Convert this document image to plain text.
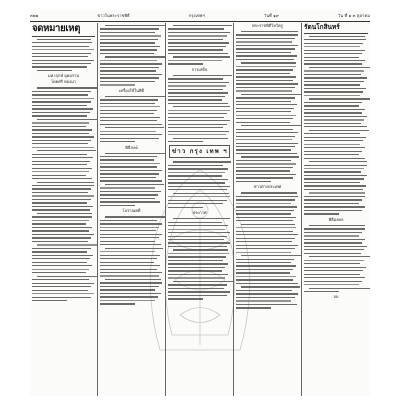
๓๒๒	ข่าวในพระราชพิธี	กรุงเทพฯ	วันที่ ๑๙	วัน ที่ ๑ ๓ ตุลาคม
จดหมายเหตุ
มหาฤกษ์ อุดมราม
โดยศรี ทองมา
เครื่องใช้ในพิธี
พิธีสงฆ์
โบราณคดี
การเสด็จ
ข่าว กรุง เทพ ฯ
ประกาศ
พระราชพิธีไหว้ครู
ข่าวต่างประเทศ
รัตนโกสินทร์
พิธีมงคล
จบ
